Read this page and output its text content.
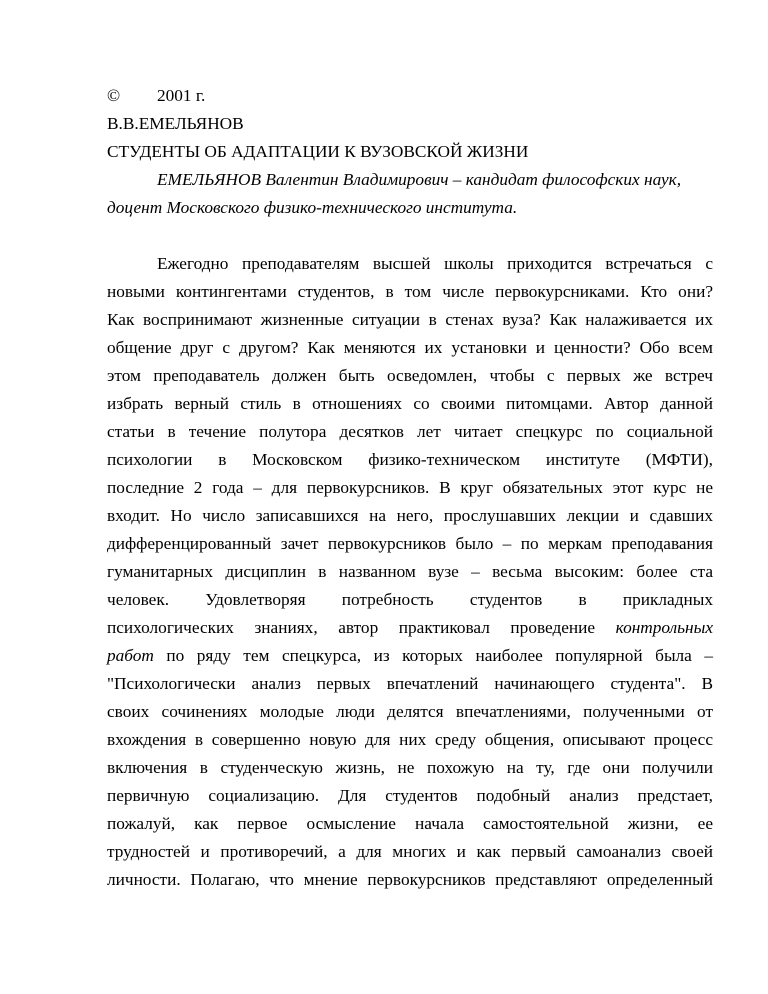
© 2001 г.
В.В.ЕМЕЛЬЯНОВ
СТУДЕНТЫ ОБ АДАПТАЦИИ К ВУЗОВСКОЙ ЖИЗНИ
ЕМЕЛЬЯНОВ Валентин Владимирович – кандидат философских наук,
доцент Московского физико-технического института.
Ежегодно преподавателям высшей школы приходится встречаться с
новыми контингентами студентов, в том числе первокурсниками. Кто они?
Как воспринимают жизненные ситуации в стенах вуза? Как налаживается их
общение друг с другом? Как меняются их установки и ценности? Обо всем
этом преподаватель должен быть осведомлен, чтобы с первых же встреч
избрать верный стиль в отношениях со своими питомцами. Автор данной
статьи в течение полутора десятков лет читает спецкурс по социальной
психологии в Московском физико-техническом институте (МФТИ),
последние 2 года – для первокурсников. В круг обязательных этот курс не
входит. Но число записавшихся на него, прослушавших лекции и сдавших
дифференцированный зачет первокурсников было – по меркам преподавания
гуманитарных дисциплин в названном вузе – весьма высоким: более ста
человек. Удовлетворяя потребность студентов в прикладных
психологических знаниях, автор практиковал проведение контрольных
работ по ряду тем спецкурса, из которых наиболее популярной была –
"Психологически анализ первых впечатлений начинающего студента". В
своих сочинениях молодые люди делятся впечатлениями, полученными от
вхождения в совершенно новую для них среду общения, описывают процесс
включения в студенческую жизнь, не похожую на ту, где они получили
первичную социализацию. Для студентов подобный анализ предстает,
пожалуй, как первое осмысление начала самостоятельной жизни, ее
трудностей и противоречий, а для многих и как первый самоанализ своей
личности. Полагаю, что мнение первокурсников представляют определенный
